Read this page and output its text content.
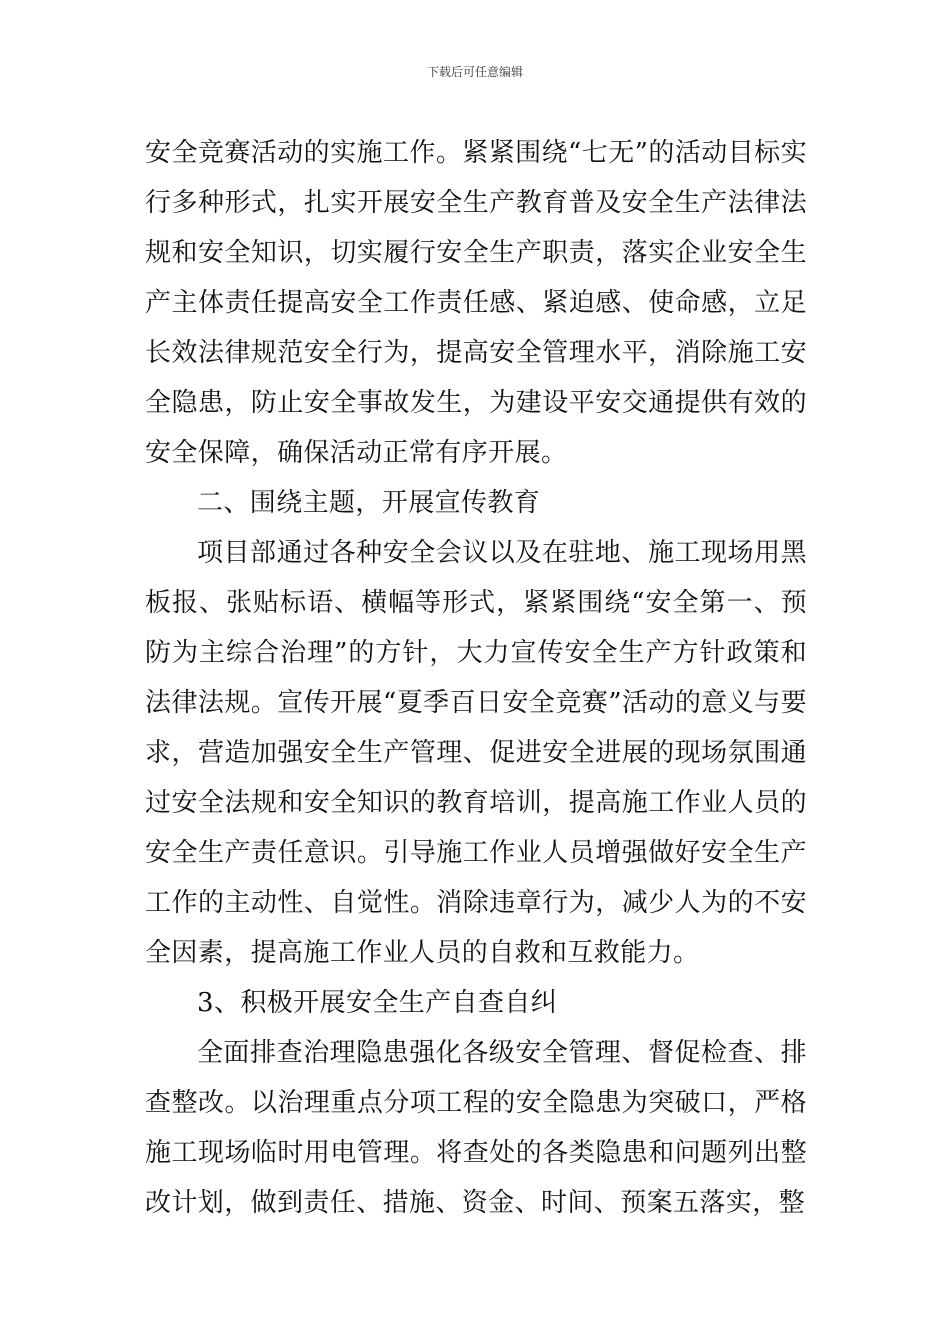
下载后可任意编辑

安全竞赛活动的实施工作。紧紧围绕“七无”的活动目标实行多种形式，扎实开展安全生产教育普及安全生产法律法规和安全知识，切实履行安全生产职责，落实企业安全生产主体责任提高安全工作责任感、紧迫感、使命感，立足长效法律规范安全行为，提高安全管理水平，消除施工安全隐患，防止安全事故发生，为建设平安交通提供有效的安全保障，确保活动正常有序开展。

二、围绕主题，开展宣传教育

项目部通过各种安全会议以及在驻地、施工现场用黑板报、张贴标语、横幅等形式，紧紧围绕“安全第一、预防为主综合治理”的方针，大力宣传安全生产方针政策和法律法规。宣传开展“夏季百日安全竞赛”活动的意义与要求，营造加强安全生产管理、促进安全进展的现场氛围通过安全法规和安全知识的教育培训，提高施工作业人员的安全生产责任意识。引导施工作业人员增强做好安全生产工作的主动性、自觉性。消除违章行为，减少人为的不安全因素，提高施工作业人员的自救和互救能力。

3、积极开展安全生产自查自纠

全面排查治理隐患强化各级安全管理、督促检查、排查整改。以治理重点分项工程的安全隐患为突破口，严格施工现场临时用电管理。将查处的各类隐患和问题列出整改计划，做到责任、措施、资金、时间、预案五落实，整
